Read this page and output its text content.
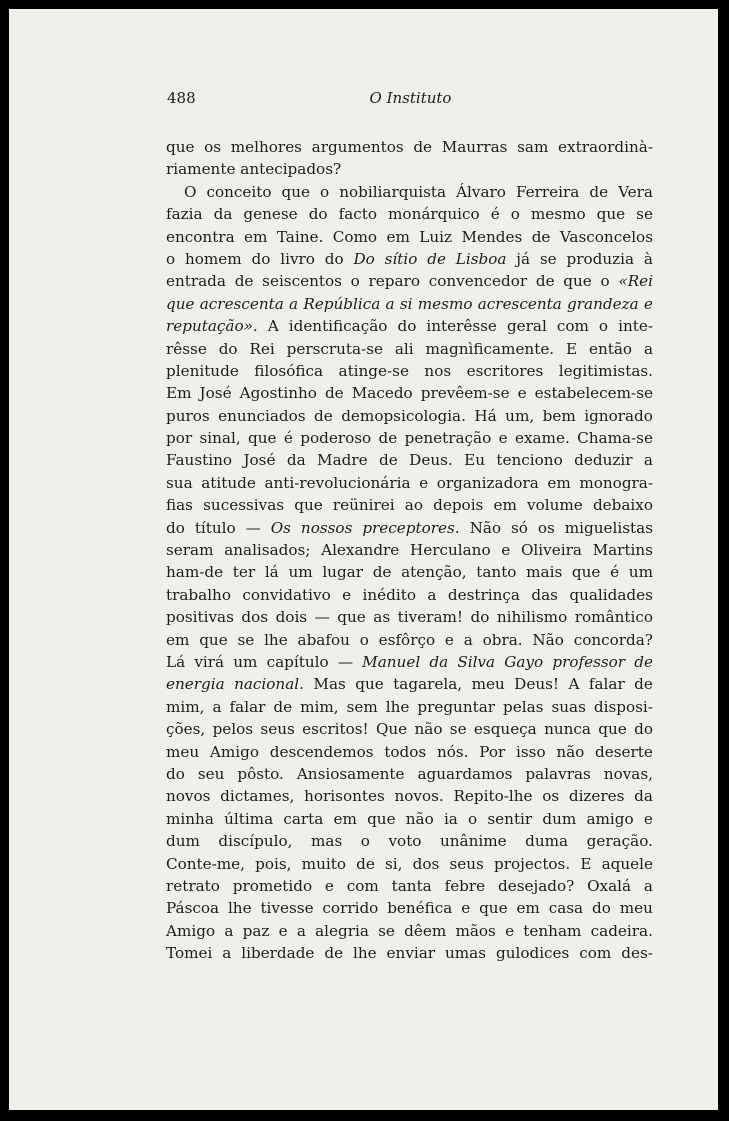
488	O Instituto
que os melhores argumentos de Maurras sam extraordinà-
riamente antecipados?
O conceito que o nobiliarquista Álvaro Ferreira de Vera
fazia da genese do facto monárquico é o mesmo que se
encontra em Taine. Como em Luiz Mendes de Vasconcelos
o homem do livro do Do sítio de Lisboa já se produzia à
entrada de seiscentos o reparo convencedor de que o «Rei
que acrescenta a República a si mesmo acrescenta grandeza e
reputação». A identificação do interêsse geral com o inte-
rêsse do Rei perscruta-se ali magnìficamente. E então a
plenitude filosófica atinge-se nos escritores legitimistas.
Em José Agostinho de Macedo prevêem-se e estabelecem-se
puros enunciados de demopsicologia. Há um, bem ignorado
por sinal, que é poderoso de penetração e exame. Chama-se
Faustino José da Madre de Deus. Eu tenciono deduzir a
sua atitude anti-revolucionária e organizadora em monogra-
fias sucessivas que reünirei ao depois em volume debaixo
do título — Os nossos preceptores. Não só os miguelistas
seram analisados; Alexandre Herculano e Oliveira Martins
ham-de ter lá um lugar de atenção, tanto mais que é um
trabalho convidativo e inédito a destrinça das qualidades
positivas dos dois — que as tiveram! do nihilismo romântico
em que se lhe abafou o esfôrço e a obra. Não concorda?
Lá virá um capítulo — Manuel da Silva Gayo professor de
energia nacional. Mas que tagarela, meu Deus! A falar de
mim, a falar de mim, sem lhe preguntar pelas suas disposi-
ções, pelos seus escritos! Que não se esqueça nunca que do
meu Amigo descendemos todos nós. Por isso não deserte
do seu pôsto. Ansiosamente aguardamos palavras novas,
novos dictames, horisontes novos. Repito-lhe os dizeres da
minha última carta em que não ia o sentir dum amigo e
dum discípulo, mas o voto unânime duma geração.
Conte-me, pois, muito de si, dos seus projectos. E aquele
retrato prometido e com tanta febre desejado? Oxalá a
Páscoa lhe tivesse corrido benéfica e que em casa do meu
Amigo a paz e a alegria se dêem mãos e tenham cadeira.
Tomei a liberdade de lhe enviar umas gulodices com des-
